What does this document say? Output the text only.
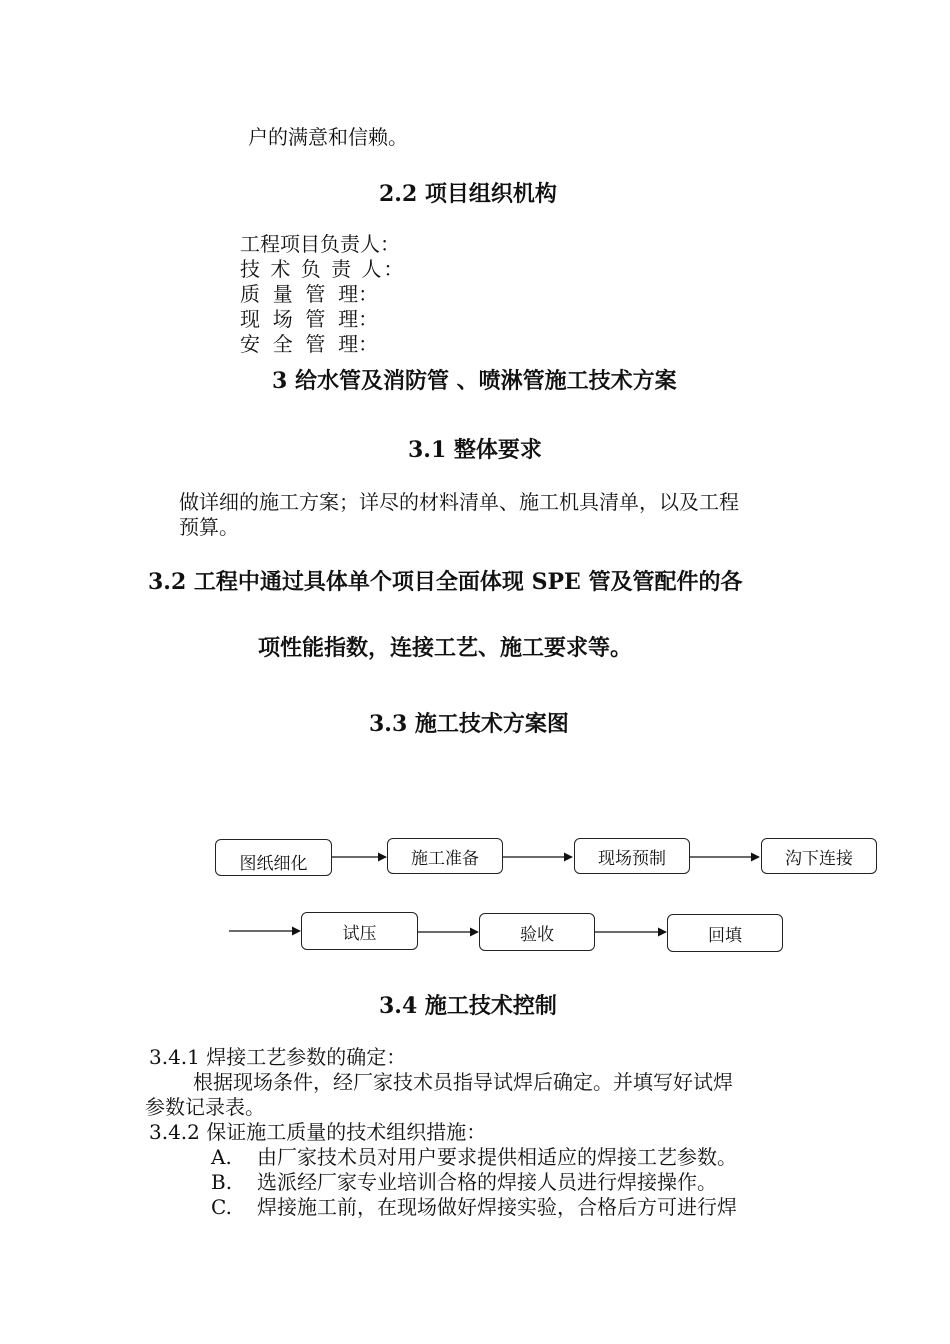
户的满意和信赖。
2.2 项目组织机构
工程项目负责人：
技 术 负 责 人：
质  量  管  理：
现  场  管  理：
安  全  管  理：
3 给水管及消防管 、喷淋管施工技术方案
3.1 整体要求
做详细的施工方案；详尽的材料清单、施工机具清单，以及工程
预算。
3.2 工程中通过具体单个项目全面体现 SPE 管及管配件的各
项性能指数，连接工艺、施工要求等。
3.3 施工技术方案图
图纸细化	施工准备	现场预制	沟下连接
试压	验收	回填
3.4 施工技术控制
3.4.1 焊接工艺参数的确定：
根据现场条件，经厂家技术员指导试焊后确定。并填写好试焊
参数记录表。
3.4.2 保证施工质量的技术组织措施：
A. 由厂家技术员对用户要求提供相适应的焊接工艺参数。
B. 选派经厂家专业培训合格的焊接人员进行焊接操作。
C. 焊接施工前，在现场做好焊接实验，合格后方可进行焊
